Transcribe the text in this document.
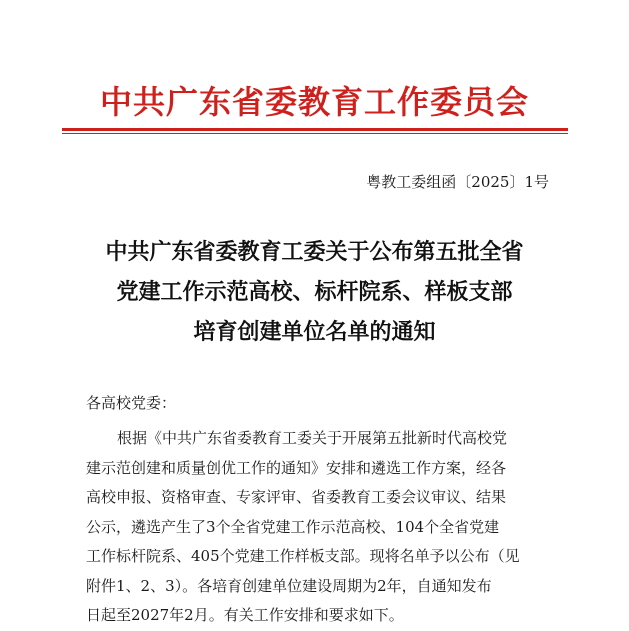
中共广东省委教育工作委员会
粤教工委组函〔2025〕1号
中共广东省委教育工委关于公布第五批全省
党建工作示范高校、标杆院系、样板支部
培育创建单位名单的通知
各高校党委：
根据《中共广东省委教育工委关于开展第五批新时代高校党
建示范创建和质量创优工作的通知》安排和遴选工作方案，经各
高校申报、资格审查、专家评审、省委教育工委会议审议、结果
公示，遴选产生了3个全省党建工作示范高校、104个全省党建
工作标杆院系、405个党建工作样板支部。现将名单予以公布（见
附件1、2、3）。各培育创建单位建设周期为2年，自通知发布
日起至2027年2月。有关工作安排和要求如下。
